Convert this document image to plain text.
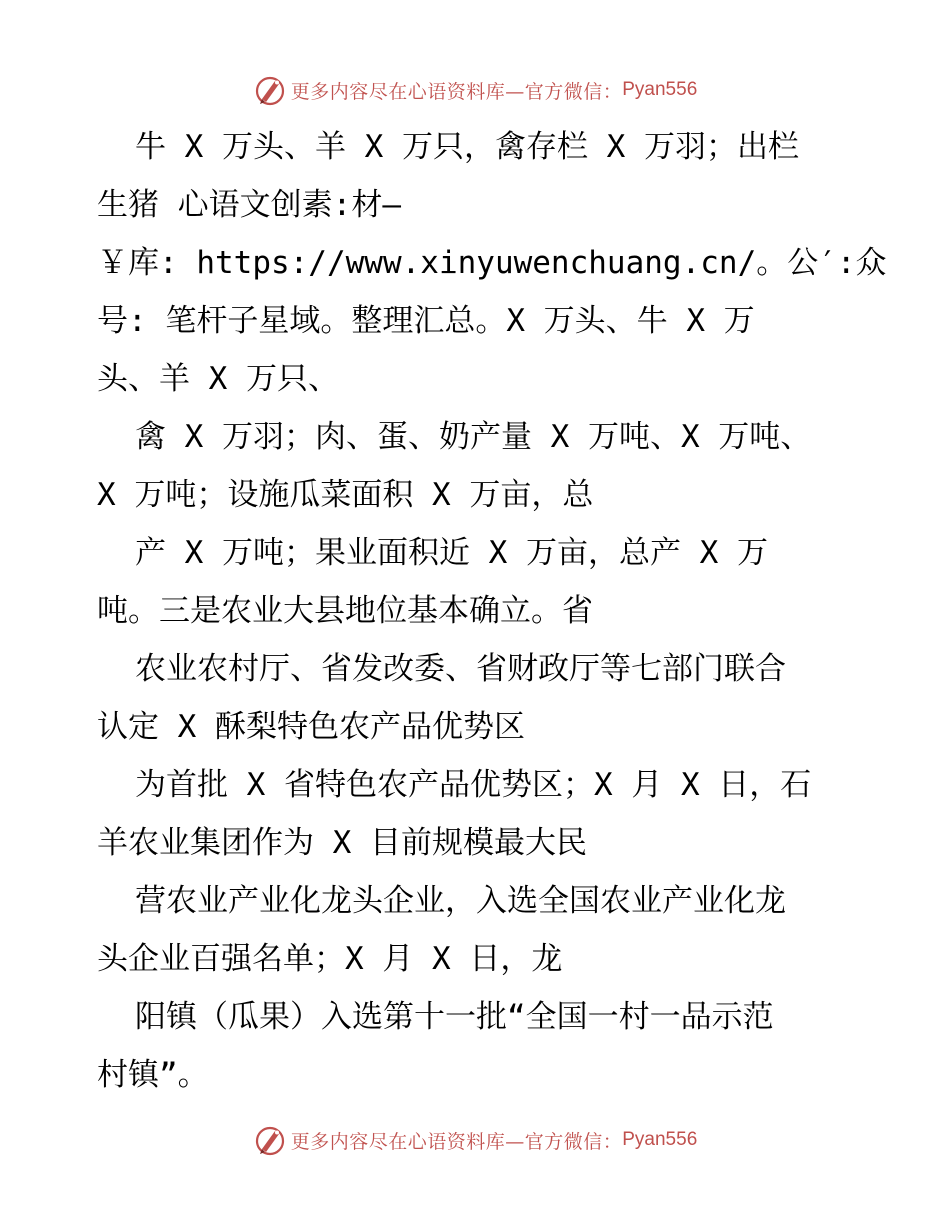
更多内容尽在心语资料库—官方微信： Pyan556
牛 X 万头、羊 X 万只，禽存栏 X 万羽；出栏
生猪 心语文创素:材—
￥库: https://www.xinyuwenchuang.cn/。公′:众
号: 笔杆子星域。整理汇总。X 万头、牛 X 万
头、羊 X 万只、
禽 X 万羽；肉、蛋、奶产量 X 万吨、X 万吨、
X 万吨；设施瓜菜面积 X 万亩，总
产 X 万吨；果业面积近 X 万亩，总产 X 万
吨。三是农业大县地位基本确立。省
农业农村厅、省发改委、省财政厅等七部门联合
认定 X 酥梨特色农产品优势区
为首批 X 省特色农产品优势区；X 月 X 日，石
羊农业集团作为 X 目前规模最大民
营农业产业化龙头企业，入选全国农业产业化龙
头企业百强名单；X 月 X 日，龙
阳镇（瓜果）入选第十一批“全国一村一品示范
村镇”。
更多内容尽在心语资料库—官方微信： Pyan556
